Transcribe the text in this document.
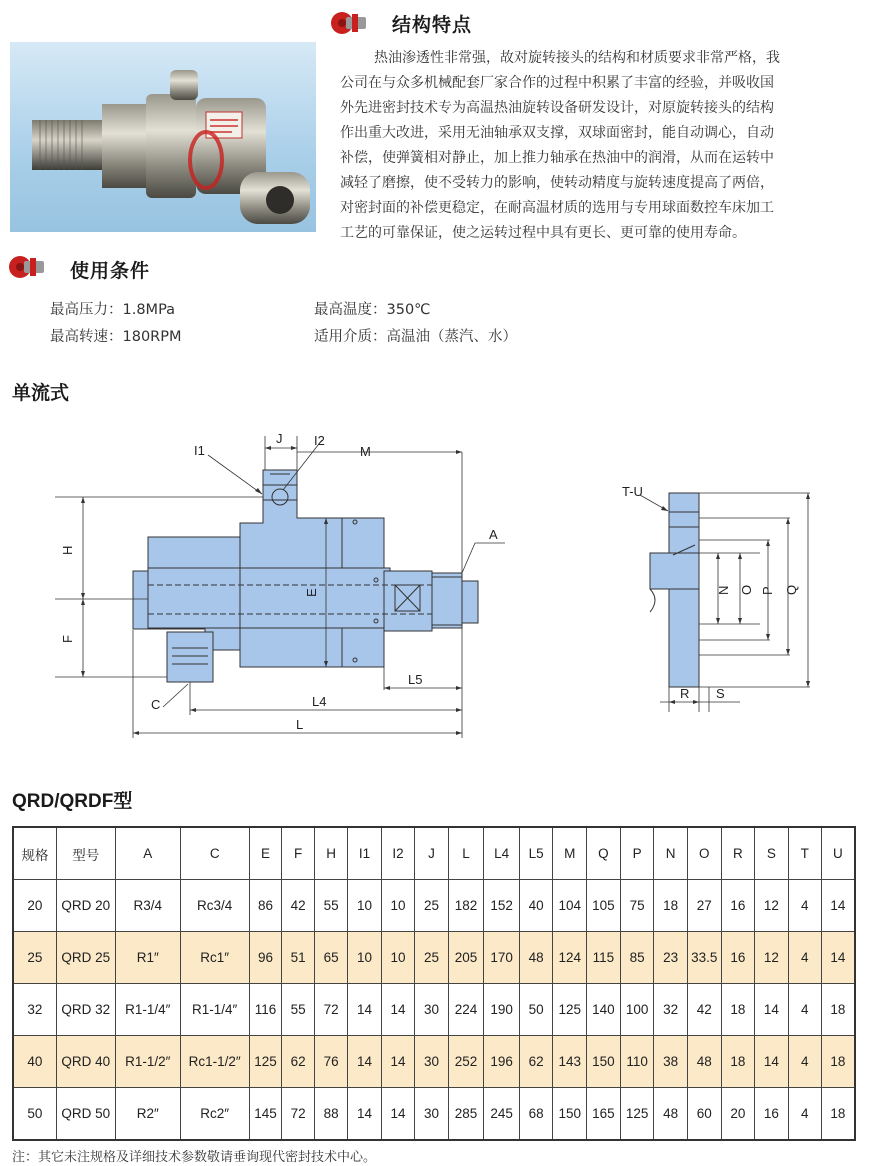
结构特点

热油渗透性非常强，故对旋转接头的结构和材质要求非常严格，我

公司在与众多机械配套厂家合作的过程中积累了丰富的经验，并吸收国

外先进密封技术专为高温热油旋转设备研发设计，对原旋转接头的结构

作出重大改进，采用无油轴承双支撑，双球面密封，能自动调心，自动

补偿，使弹簧相对静止，加上推力轴承在热油中的润滑，从而在运转中

减轻了磨擦，使不受转力的影响，使转动精度与旋转速度提高了两倍，

对密封面的补偿更稳定，在耐高温材质的选用与专用球面数控车床加工

工艺的可靠保证，使之运转过程中具有更长、更可靠的使用寿命。

使用条件
最高压力：1.8MPa	最高温度：350℃
最高转速：180RPM	适用介质：高温油（蒸汽、水）
单流式
J
I1
I2
M
H
F
E
A
C	L4
L5
L
T-U
N O P Q
R S
QRD/QRDF型
规格	型号	A	C	E	F	H	I1	I2	J	L	L4	L5	M	Q	P	N	O	R	S	T	U
20	QRD 20	R3/4	Rc3/4	86	42	55	10	10	25	182	152	40	104	105	75	18	27	16	12	4	14
25	QRD 25	R1″	Rc1″	96	51	65	10	10	25	205	170	48	124	115	85	23	33.5	16	12	4	14
32	QRD 32	R1-1/4″	R1-1/4″	116	55	72	14	14	30	224	190	50	125	140	100	32	42	18	14	4	18
40	QRD 40	R1-1/2″	Rc1-1/2″	125	62	76	14	14	30	252	196	62	143	150	110	38	48	18	14	4	18
50	QRD 50	R2″	Rc2″	145	72	88	14	14	30	285	245	68	150	165	125	48	60	20	16	4	18
注：其它未注规格及详细技术参数敬请垂询现代密封技术中心。
